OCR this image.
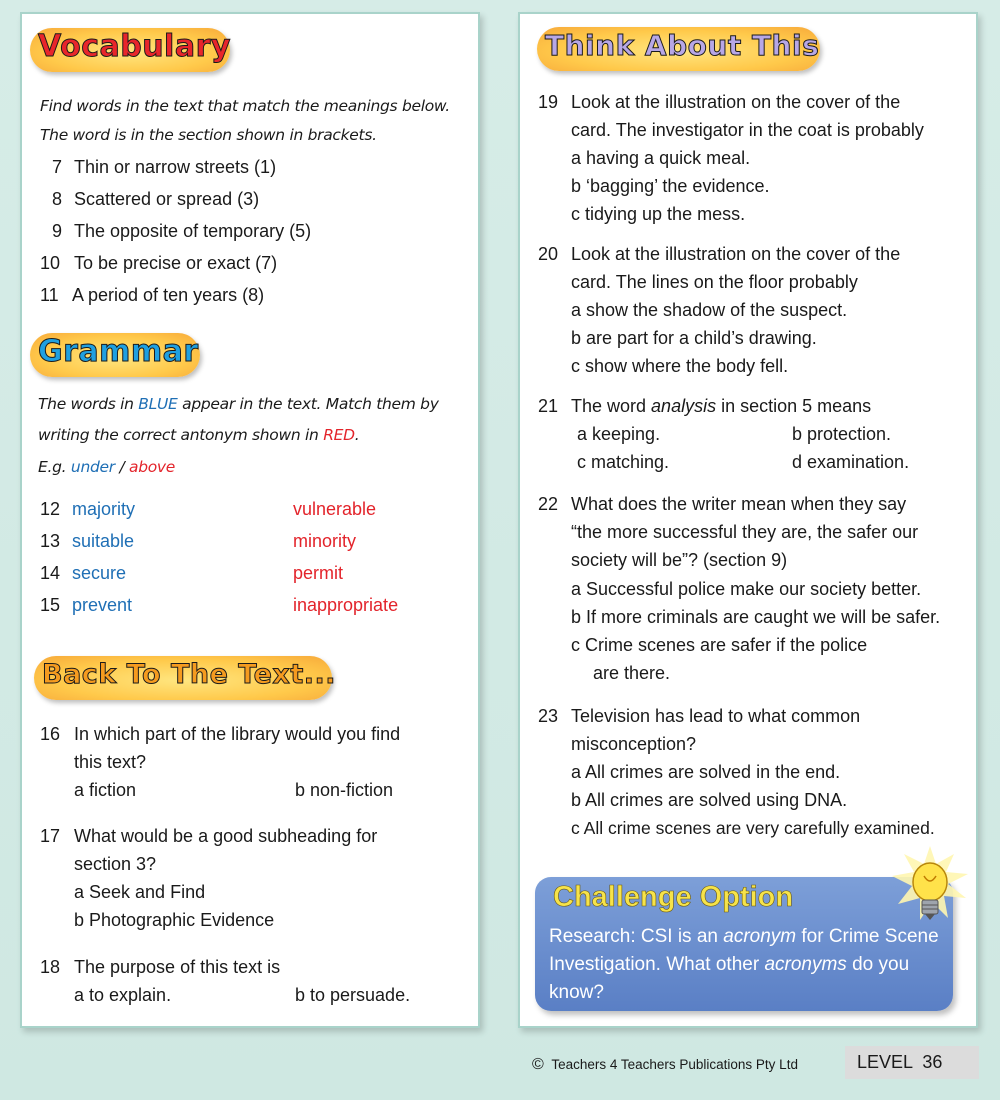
Vocabulary
Find words in the text that match the meanings below.
The word is in the section shown in brackets.
7 Thin or narrow streets (1)
8 Scattered or spread (3)
9 The opposite of temporary (5)
10 To be precise or exact (7)
11 A period of ten years (8)
Grammar
The words in BLUE appear in the text. Match them by
writing the correct antonym shown in RED.
E.g. under / above
12 majority	vulnerable
13 suitable	minority
14 secure	permit
15 prevent	inappropriate
Back To The Text...
16 In which part of the library would you find
this text?
a fiction	b non-fiction
17 What would be a good subheading for
section 3?
a Seek and Find
b Photographic Evidence
18 The purpose of this text is
a to explain.	b to persuade.
Think About This
19 Look at the illustration on the cover of the
card. The investigator in the coat is probably
a having a quick meal.
b ‘bagging’ the evidence.
c tidying up the mess.
20 Look at the illustration on the cover of the
card. The lines on the floor probably
a show the shadow of the suspect.
b are part for a child’s drawing.
c show where the body fell.
21 The word analysis in section 5 means
a keeping.	b protection.
c matching.	d examination.
22 What does the writer mean when they say
“the more successful they are, the safer our
society will be”? (section 9)
a Successful police make our society better.
b If more criminals are caught we will be safer.
c Crime scenes are safer if the police
are there.
23 Television has lead to what common
misconception?
a All crimes are solved in the end.
b All crimes are solved using DNA.
c All crime scenes are very carefully examined.
Challenge Option
Research: CSI is an acronym for Crime Scene Investigation. What other acronyms do you know?
© Teachers 4 Teachers Publications Pty Ltd	LEVEL  36
